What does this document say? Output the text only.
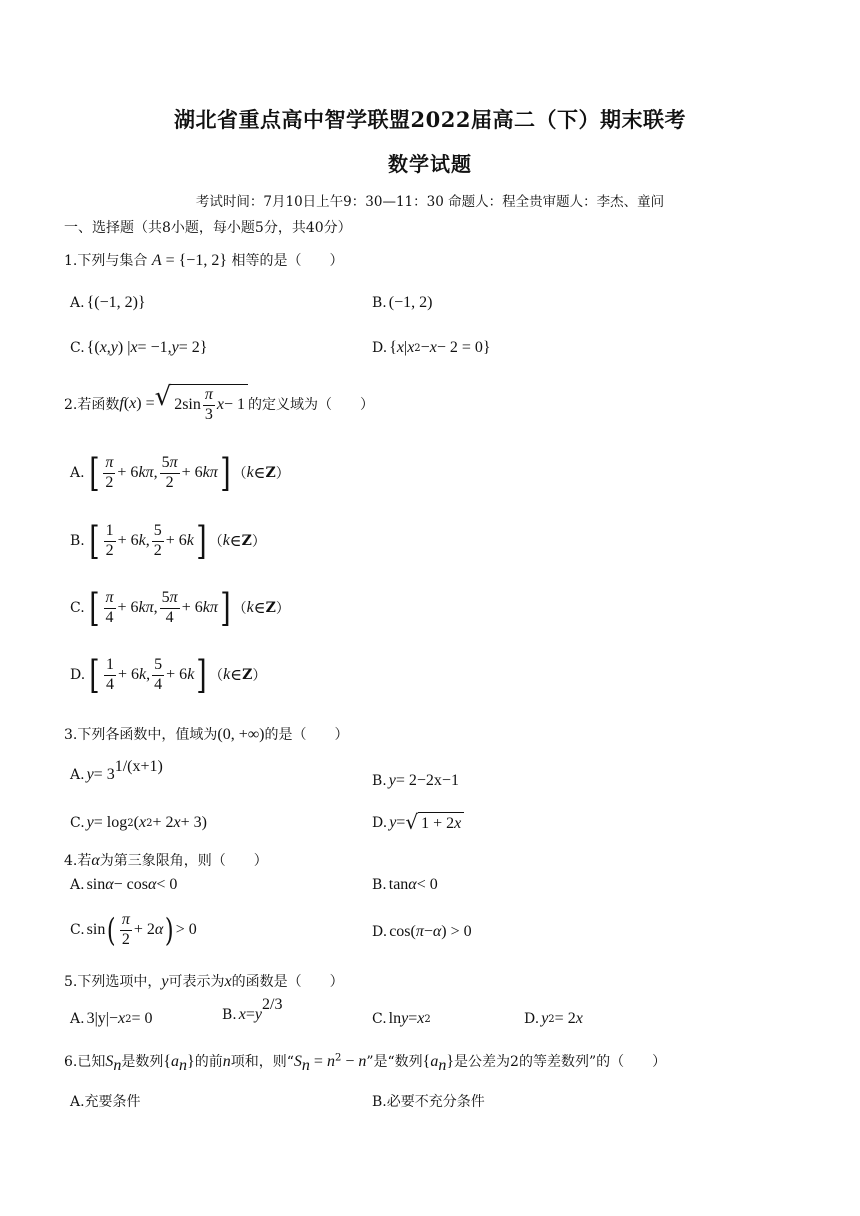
湖北省重点高中智学联盟2022届高二（下）期末联考
数学试题
考试时间：7月10日上午9：30—11：30 命题人：程全贵审题人：李杰、童问
一、选择题（共8小题，每小题5分，共40分）
1.下列与集合 A = {−1, 2} 相等的是（　　）
A. {(−1, 2)}	B. (−1, 2)
C. {( x , y ) | x = −1, y = 2}	D. { x | x 2 − x − 2 = 0}
2.若函数 f ( x ) = √ $2\sin \frac{\pi}{3}$ x − 1 的定义域为（　　）
A. [ $\frac{\pi}{2} + 6$ kπ , $\frac{5\pi}{2} + 6$ kπ ] （ k ∈ Z ）
B. [ $\frac{1}{2} + 6$ k , $\frac{5}{2} + 6$ k ] （ k ∈ Z ）
C. [ $\frac{\pi}{4} + 6$ kπ , $\frac{5\pi}{4} + 6$ kπ ] （ k ∈ Z ）
D. [ $\frac{1}{4} + 6$ k , $\frac{5}{4} + 6$ k ] （ k ∈ Z ）
3.下列各函数中，值域为(0, +∞)的是（　　）
A. $y = 3^{1/(x+1)}$
B. y = 2 −2x−1
C. y = log 2 ( x 2 + 2 x + 3)	D. y = √ 1 + 2 x
4.若α为第三象限角，则（　　）
A. sin α − cos α < 0	B. tan α < 0
C. sin ( $\frac{\pi}{2} + 2$ α ) > 0	D. cos( π − α ) > 0
5.下列选项中，y可表示为x的函数是（　　）
A. 3 |y| − x 2 = 0	B. x = y
$^{2/3}$
C. ln y = x 2	D. y 2 = 2 x
6.已知$S_n$是数列$\{a_n\}$的前n项和，则“$S_n = n^2 - n$”是“数列$\{a_n\}$是公差为2的等差数列”的（　　）
A.充要条件	B.必要不充分条件
